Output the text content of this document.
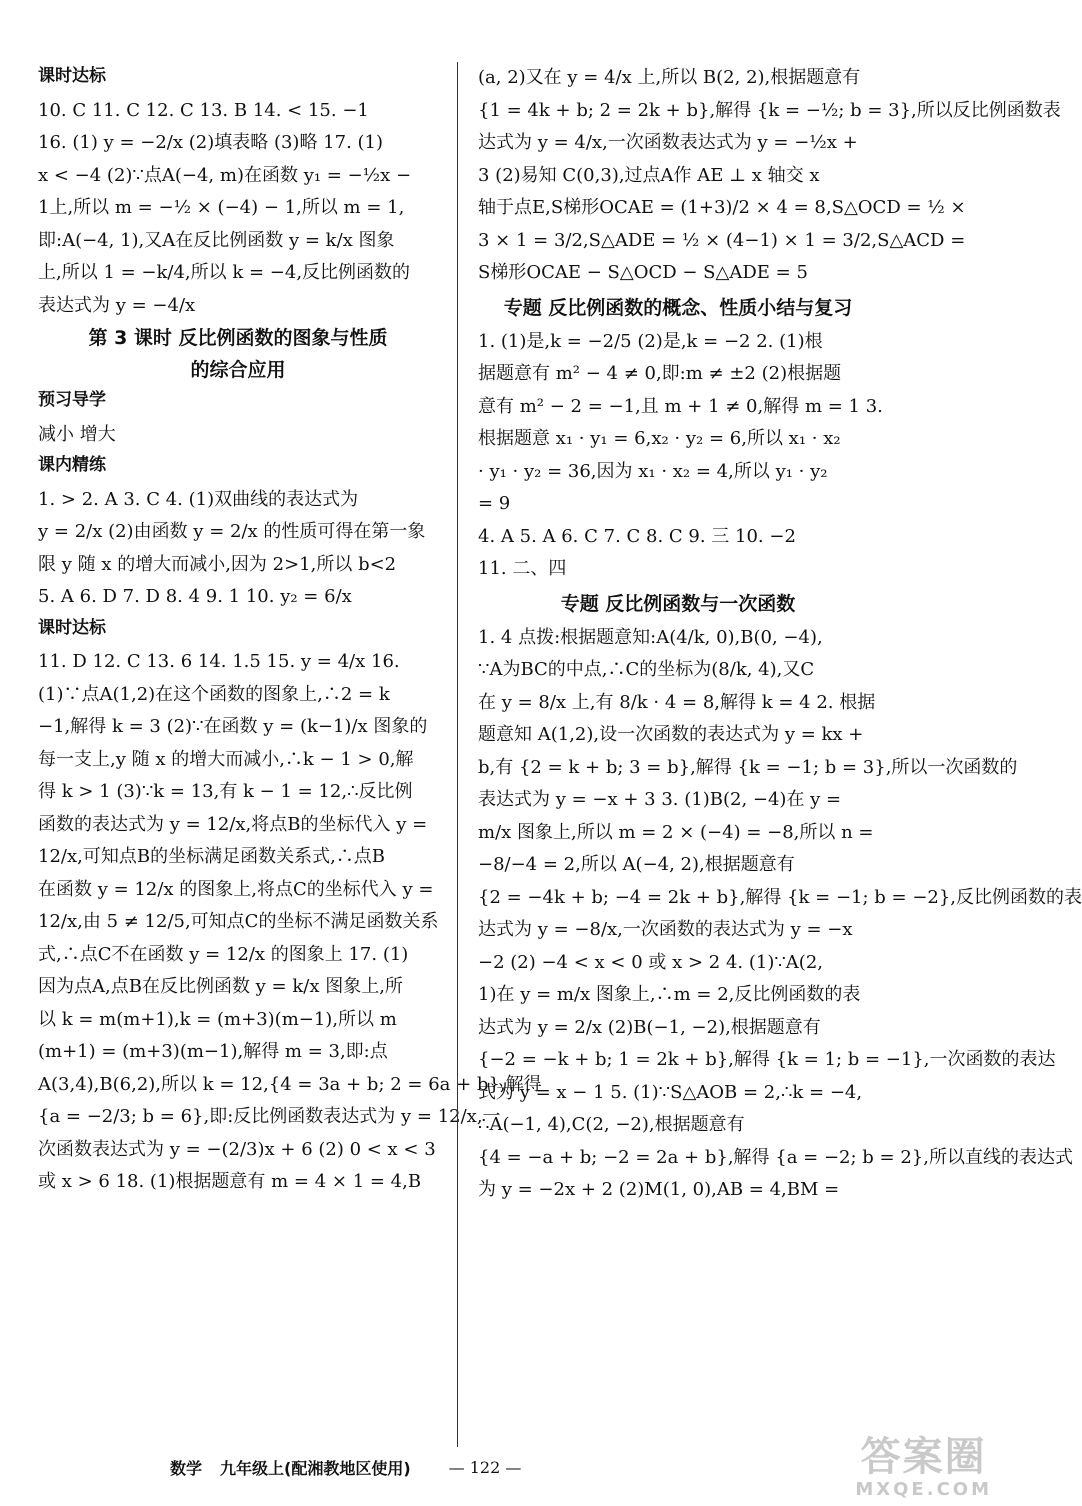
课时达标
10. C 11. C 12. C 13. B 14. < 15. −1
16. (1) y = −2/x (2)填表略 (3)略 17. (1)
x < −4 (2)∵点A(−4, m)在函数 y₁ = −½x −
1上,所以 m = −½ × (−4) − 1,所以 m = 1,
即:A(−4, 1),又A在反比例函数 y = k/x 图象
上,所以 1 = −k/4,所以 k = −4,反比例函数的
表达式为 y = −4/x
第 3 课时 反比例函数的图象与性质
的综合应用
预习导学
减小 增大
课内精练
1. > 2. A 3. C 4. (1)双曲线的表达式为
y = 2/x (2)由函数 y = 2/x 的性质可得在第一象
限 y 随 x 的增大而减小,因为 2>1,所以 b<2
5. A 6. D 7. D 8. 4 9. 1 10. y₂ = 6/x
课时达标
11. D 12. C 13. 6 14. 1.5 15. y = 4/x 16.
(1)∵点A(1,2)在这个函数的图象上,∴2 = k
−1,解得 k = 3 (2)∵在函数 y = (k−1)/x 图象的
每一支上,y 随 x 的增大而减小,∴k − 1 > 0,解
得 k > 1 (3)∵k = 13,有 k − 1 = 12,∴反比例
函数的表达式为 y = 12/x,将点B的坐标代入 y =
12/x,可知点B的坐标满足函数关系式,∴点B
在函数 y = 12/x 的图象上,将点C的坐标代入 y =
12/x,由 5 ≠ 12/5,可知点C的坐标不满足函数关系
式,∴点C不在函数 y = 12/x 的图象上 17. (1)
因为点A,点B在反比例函数 y = k/x 图象上,所
以 k = m(m+1),k = (m+3)(m−1),所以 m
(m+1) = (m+3)(m−1),解得 m = 3,即:点
A(3,4),B(6,2),所以 k = 12,{4 = 3a + b; 2 = 6a + b},解得
{a = −2/3; b = 6},即:反比例函数表达式为 y = 12/x,一
次函数表达式为 y = −(2/3)x + 6 (2) 0 < x < 3
或 x > 6 18. (1)根据题意有 m = 4 × 1 = 4,B
(a, 2)又在 y = 4/x 上,所以 B(2, 2),根据题意有
{1 = 4k + b; 2 = 2k + b},解得 {k = −½; b = 3},所以反比例函数表
达式为 y = 4/x,一次函数表达式为 y = −½x +
3 (2)易知 C(0,3),过点A作 AE ⊥ x 轴交 x
轴于点E,S梯形OCAE = (1+3)/2 × 4 = 8,S△OCD = ½ ×
3 × 1 = 3/2,S△ADE = ½ × (4−1) × 1 = 3/2,S△ACD =
S梯形OCAE − S△OCD − S△ADE = 5
专题 反比例函数的概念、性质小结与复习
1. (1)是,k = −2/5 (2)是,k = −2 2. (1)根
据题意有 m² − 4 ≠ 0,即:m ≠ ±2 (2)根据题
意有 m² − 2 = −1,且 m + 1 ≠ 0,解得 m = 1 3.
根据题意 x₁ · y₁ = 6,x₂ · y₂ = 6,所以 x₁ · x₂
· y₁ · y₂ = 36,因为 x₁ · x₂ = 4,所以 y₁ · y₂
= 9
4. A 5. A 6. C 7. C 8. C 9. 三 10. −2
11. 二、四
专题 反比例函数与一次函数
1. 4 点拨:根据题意知:A(4/k, 0),B(0, −4),
∵A为BC的中点,∴C的坐标为(8/k, 4),又C
在 y = 8/x 上,有 8/k · 4 = 8,解得 k = 4 2. 根据
题意知 A(1,2),设一次函数的表达式为 y = kx +
b,有 {2 = k + b; 3 = b},解得 {k = −1; b = 3},所以一次函数的
表达式为 y = −x + 3 3. (1)B(2, −4)在 y =
m/x 图象上,所以 m = 2 × (−4) = −8,所以 n =
−8/−4 = 2,所以 A(−4, 2),根据题意有
{2 = −4k + b; −4 = 2k + b},解得 {k = −1; b = −2},反比例函数的表
达式为 y = −8/x,一次函数的表达式为 y = −x
−2 (2) −4 < x < 0 或 x > 2 4. (1)∵A(2,
1)在 y = m/x 图象上,∴m = 2,反比例函数的表
达式为 y = 2/x (2)B(−1, −2),根据题意有
{−2 = −k + b; 1 = 2k + b},解得 {k = 1; b = −1},一次函数的表达
式为 y = x − 1 5. (1)∵S△AOB = 2,∴k = −4,
∴A(−1, 4),C(2, −2),根据题意有
{4 = −a + b; −2 = 2a + b},解得 {a = −2; b = 2},所以直线的表达式
为 y = −2x + 2 (2)M(1, 0),AB = 4,BM =
数学 九年级上(配湘教地区使用) — 122 —	答案圈
MXQE.COM
